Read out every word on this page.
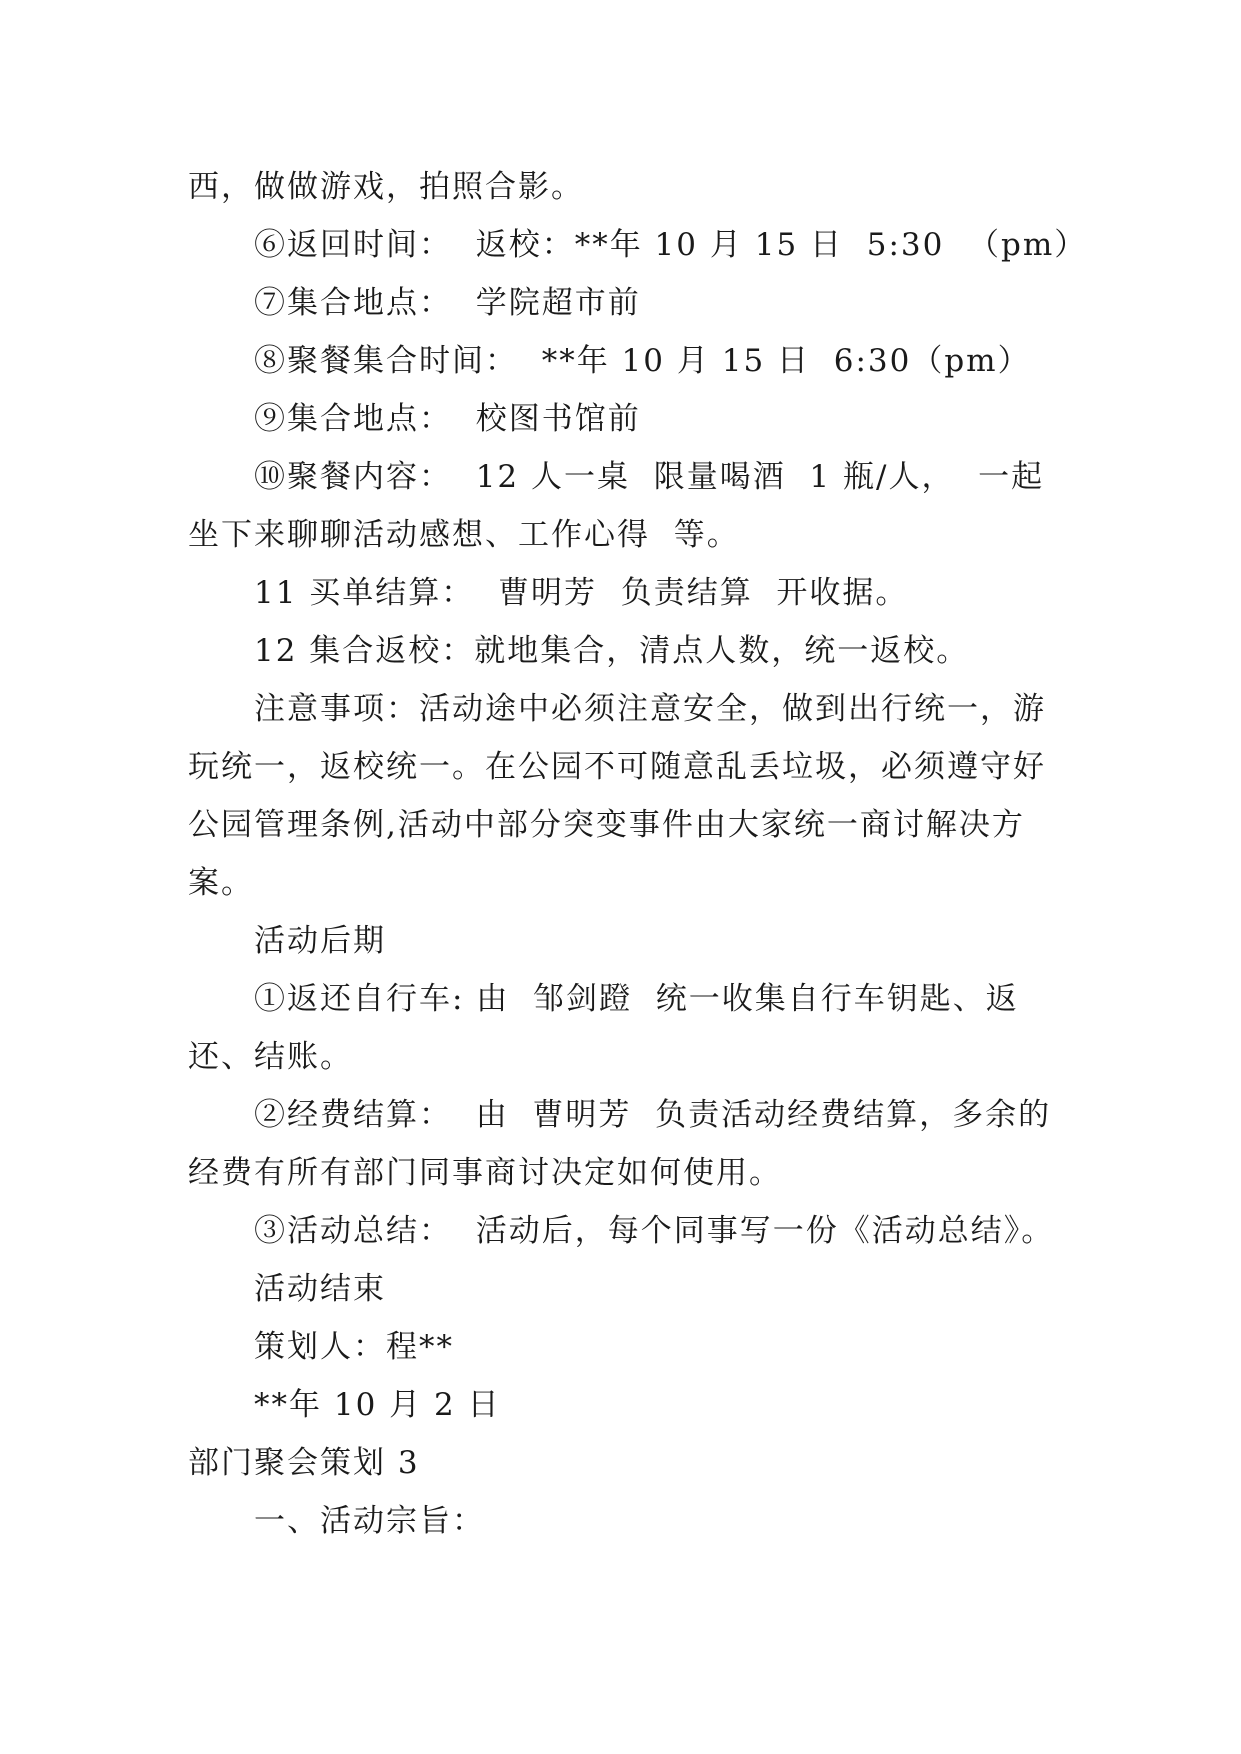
西，做做游戏，拍照合影。

⑥返回时间：  返校：**年 10 月 15 日  5:30  （pm）

⑦集合地点：  学院超市前

⑧聚餐集合时间：  **年 10 月 15 日  6:30（pm）

⑨集合地点：  校图书馆前

⑩聚餐内容：  12 人一桌  限量喝酒  1 瓶/人，  一起坐下来聊聊活动感想、工作心得  等。

11 买单结算：  曹明芳  负责结算  开收据。

12 集合返校：就地集合，清点人数，统一返校。

注意事项：活动途中必须注意安全，做到出行统一，游玩统一，返校统一。在公园不可随意乱丢垃圾，必须遵守好公园管理条例,活动中部分突变事件由大家统一商讨解决方案。

活动后期

①返还自行车: 由  邹剑蹬  统一收集自行车钥匙、返还、结账。

②经费结算：  由  曹明芳  负责活动经费结算，多余的经费有所有部门同事商讨决定如何使用。

③活动总结：  活动后，每个同事写一份《活动总结》。

活动结束

策划人：程**

**年 10 月 2 日

部门聚会策划 3

一、活动宗旨：
